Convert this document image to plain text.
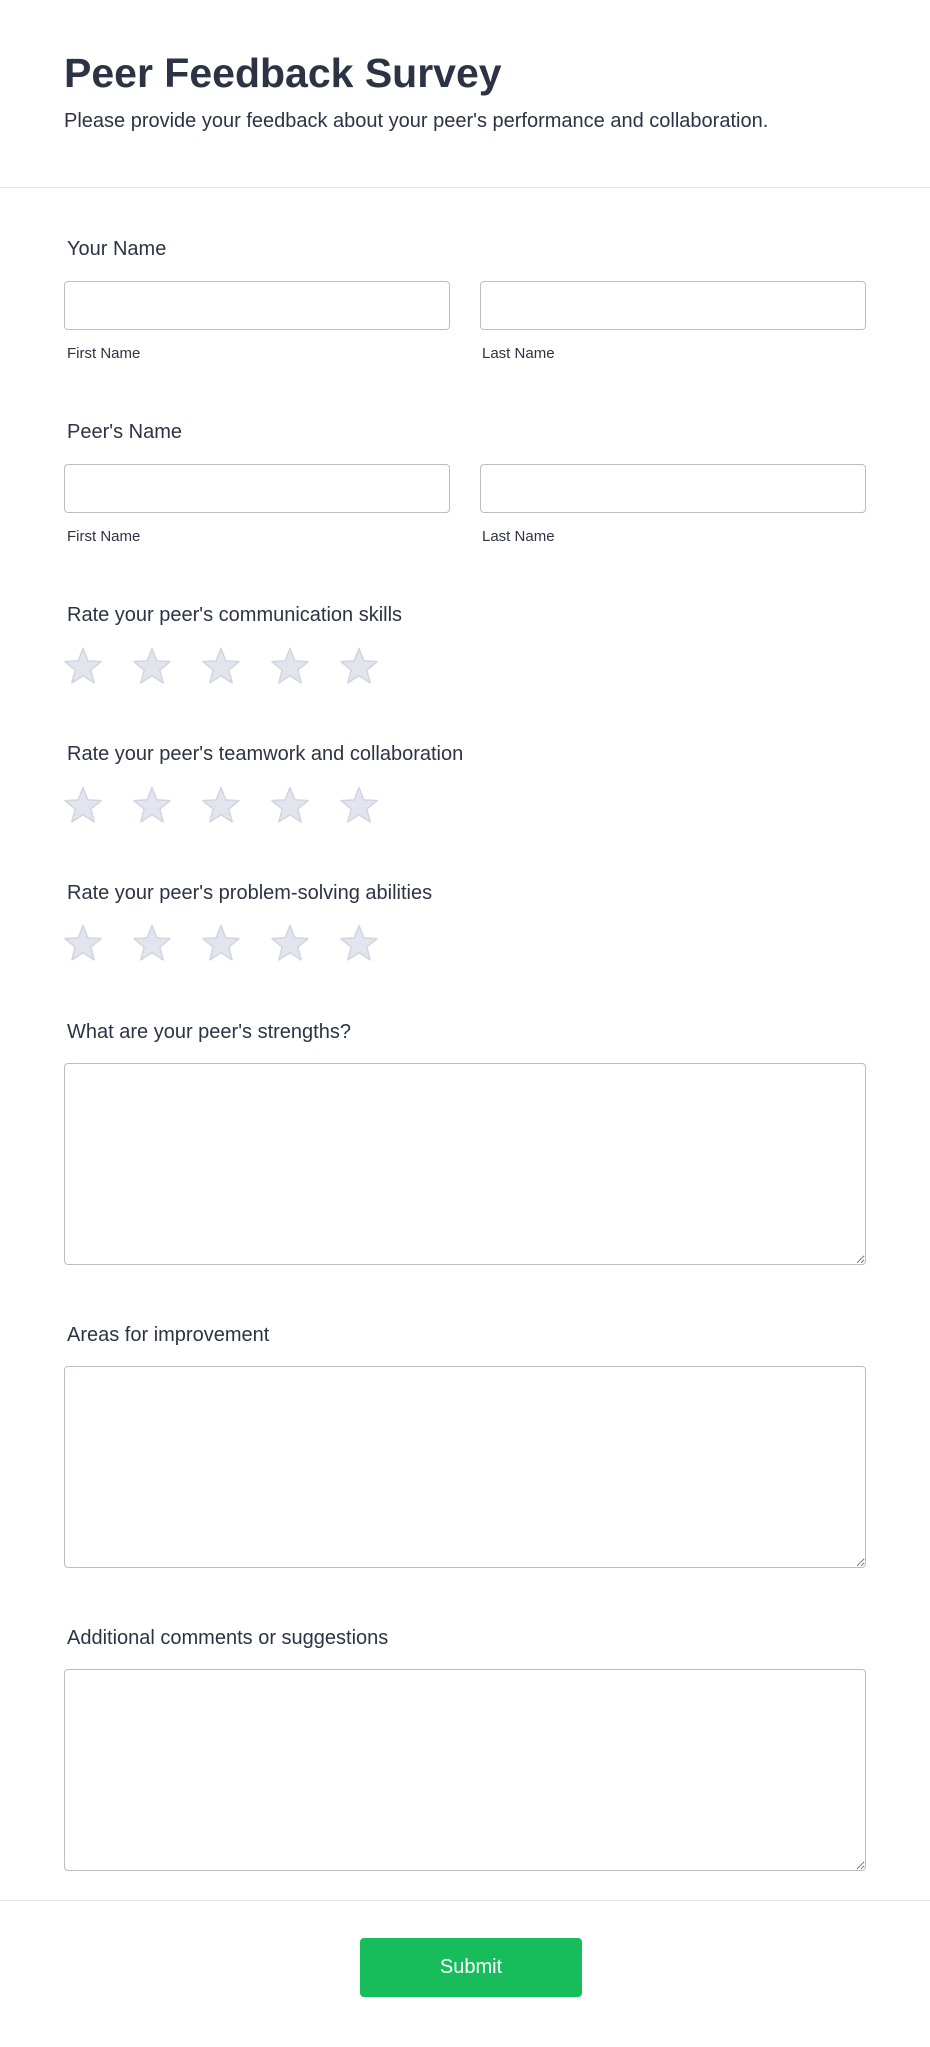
Peer Feedback Survey

Please provide your feedback about your peer's performance and collaboration.

Your Name

First Name	Last Name

Peer's Name

First Name	Last Name

Rate your peer's communication skills

Rate your peer's teamwork and collaboration

Rate your peer's problem-solving abilities

What are your peer's strengths?

Areas for improvement

Additional comments or suggestions

Submit
